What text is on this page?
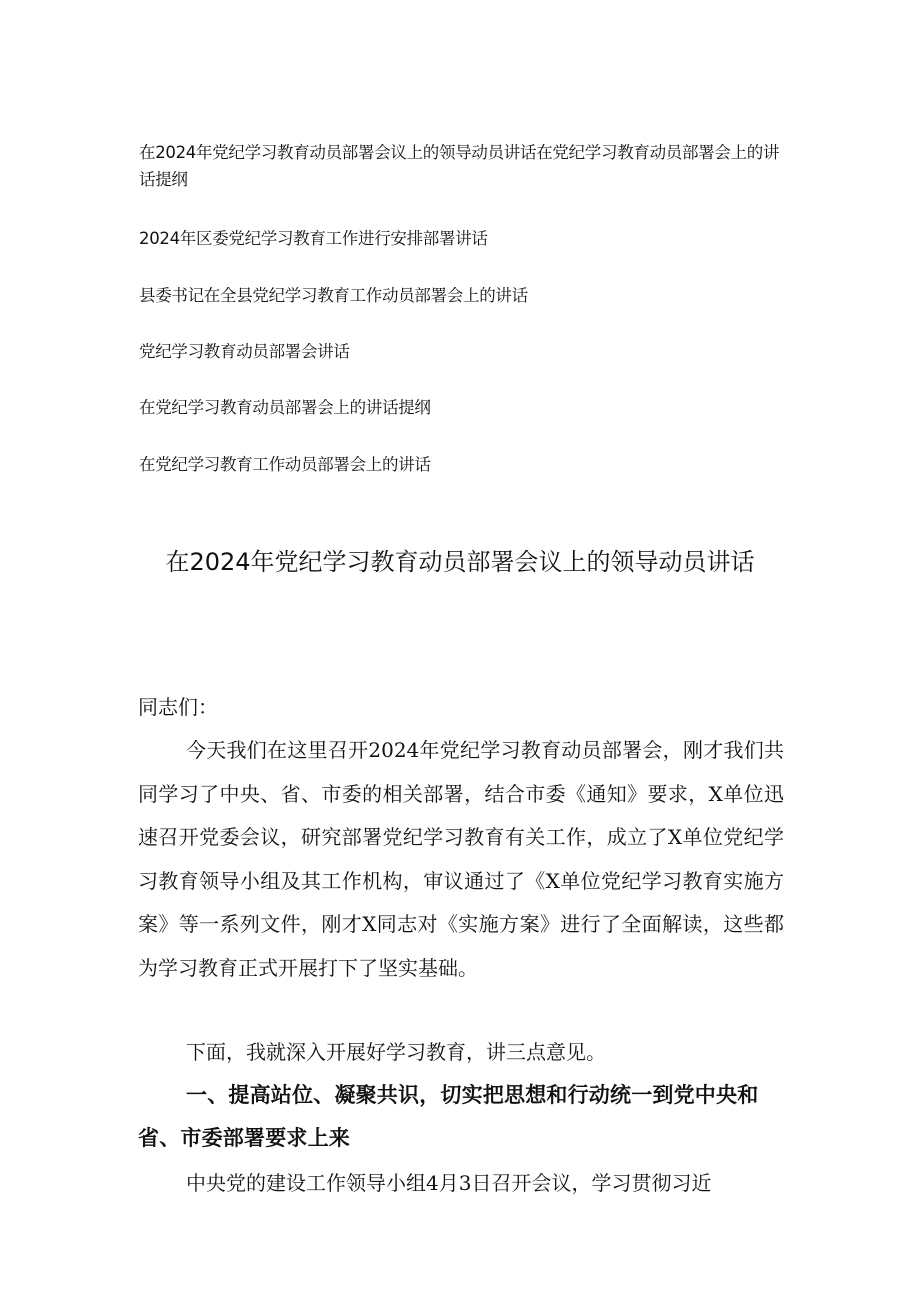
在2024年党纪学习教育动员部署会议上的领导动员讲话在党纪学习教育动员部署会上的讲话提纲

2024年区委党纪学习教育工作进行安排部署讲话

县委书记在全县党纪学习教育工作动员部署会上的讲话

党纪学习教育动员部署会讲话

在党纪学习教育动员部署会上的讲话提纲

在党纪学习教育工作动员部署会上的讲话

在2024年党纪学习教育动员部署会议上的领导动员讲话

同志们：

今天我们在这里召开2024年党纪学习教育动员部署会，刚才我们共同学习了中央、省、市委的相关部署，结合市委《通知》要求，X单位迅速召开党委会议，研究部署党纪学习教育有关工作，成立了X单位党纪学习教育领导小组及其工作机构，审议通过了《X单位党纪学习教育实施方案》等一系列文件，刚才X同志对《实施方案》进行了全面解读，这些都为学习教育正式开展打下了坚实基础。

下面，我就深入开展好学习教育，讲三点意见。

一、提高站位、凝聚共识，切实把思想和行动统一到党中央和省、市委部署要求上来

中央党的建设工作领导小组4月3日召开会议，学习贯彻习近
